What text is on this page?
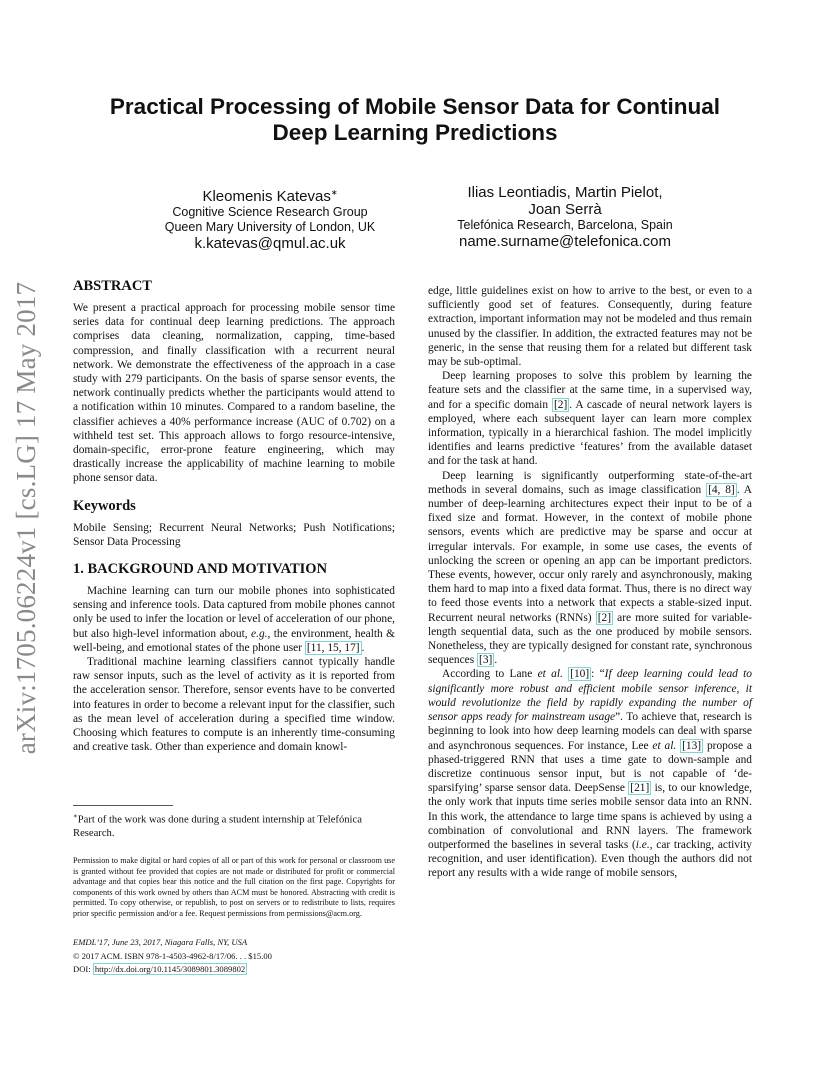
arXiv:1705.06224v1 [cs.LG] 17 May 2017
Practical Processing of Mobile Sensor Data for Continual
Deep Learning Predictions
Kleomenis Katevas∗
Cognitive Science Research Group
Queen Mary University of London, UK
k.katevas@qmul.ac.uk
Ilias Leontiadis, Martin Pielot,
Joan Serrà
Telefónica Research, Barcelona, Spain
name.surname@telefonica.com
ABSTRACT

We present a practical approach for processing mobile sensor time series data for continual deep learning predictions. The approach comprises data cleaning, normalization, capping, time-based compression, and finally classification with a recurrent neural network. We demonstrate the effectiveness of the approach in a case study with 279 participants. On the basis of sparse sensor events, the network continually predicts whether the participants would attend to a notification within 10 minutes. Compared to a random baseline, the classifier achieves a 40% performance increase (AUC of 0.702) on a withheld test set. This approach allows to forgo resource-intensive, domain-specific, error-prone feature engineering, which may drastically increase the applicability of machine learning to mobile phone sensor data.

Keywords

Mobile Sensing; Recurrent Neural Networks; Push Notifications; Sensor Data Processing

1. BACKGROUND AND MOTIVATION

Machine learning can turn our mobile phones into sophisticated sensing and inference tools. Data captured from mobile phones cannot only be used to infer the location or level of acceleration of our phone, but also high-level information about, e.g., the environment, health & well-being, and emotional states of the phone user [11, 15, 17] .

Traditional machine learning classifiers cannot typically handle raw sensor inputs, such as the level of activity as it is reported from the acceleration sensor. Therefore, sensor events have to be converted into features in order to become a relevant input for the classifier, such as the mean level of acceleration during a specified time window. Choosing which features to compute is an inherently time-consuming and creative task. Other than experience and domain knowl-

∗Part of the work was done during a student internship at Telefónica Research.
Permission to make digital or hard copies of all or part of this work for personal or classroom use is granted without fee provided that copies are not made or distributed for profit or commercial advantage and that copies bear this notice and the full citation on the first page. Copyrights for components of this work owned by others than ACM must be honored. Abstracting with credit is permitted. To copy otherwise, or republish, to post on servers or to redistribute to lists, requires prior specific permission and/or a fee. Request permissions from permissions@acm.org.
EMDL’17, June 23, 2017, Niagara Falls, NY, USA
© 2017 ACM. ISBN 978-1-4503-4962-8/17/06. . . $15.00
DOI: http://dx.doi.org/10.1145/3089801.3089802

edge, little guidelines exist on how to arrive to the best, or even to a sufficiently good set of features. Consequently, during feature extraction, important information may not be modeled and thus remain unused by the classifier. In addition, the extracted features may not be generic, in the sense that reusing them for a related but different task may be sub-optimal.

Deep learning proposes to solve this problem by learning the feature sets and the classifier at the same time, in a supervised way, and for a specific domain [2] . A cascade of neural network layers is employed, where each subsequent layer can learn more complex information, typically in a hierarchical fashion. The model implicitly identifies and learns predictive ‘features’ from the available dataset and for the task at hand.

Deep learning is significantly outperforming state-of-the-art methods in several domains, such as image classification [4, 8] . A number of deep-learning architectures expect their input to be of a fixed size and format. However, in the context of mobile phone sensors, events which are predictive may be sparse and occur at irregular intervals. For example, in some use cases, the events of unlocking the screen or opening an app can be important predictors. These events, however, occur only rarely and asynchronously, making them hard to map into a fixed data format. Thus, there is no direct way to feed those events into a network that expects a stable-sized input. Recurrent neural networks (RNNs) [2] are more suited for variable-length sequential data, such as the one produced by mobile sensors. Nonetheless, they are typically designed for constant rate, synchronous sequences [3] .

According to Lane et al. [10] : “If deep learning could lead to significantly more robust and efficient mobile sensor inference, it would revolutionize the field by rapidly expanding the number of sensor apps ready for mainstream usage”. To achieve that, research is beginning to look into how deep learning models can deal with sparse and asynchronous sequences. For instance, Lee et al. [13] propose a phased-triggered RNN that uses a time gate to down-sample and discretize continuous sensor input, but is not capable of ‘de-sparsifying’ sparse sensor data. DeepSense [21] is, to our knowledge, the only work that inputs time series mobile sensor data into an RNN. In this work, the attendance to large time spans is achieved by using a combination of convolutional and RNN layers. The framework outperformed the baselines in several tasks (i.e., car tracking, activity recognition, and user identification). Even though the authors did not report any results with a wide range of mobile sensors,
